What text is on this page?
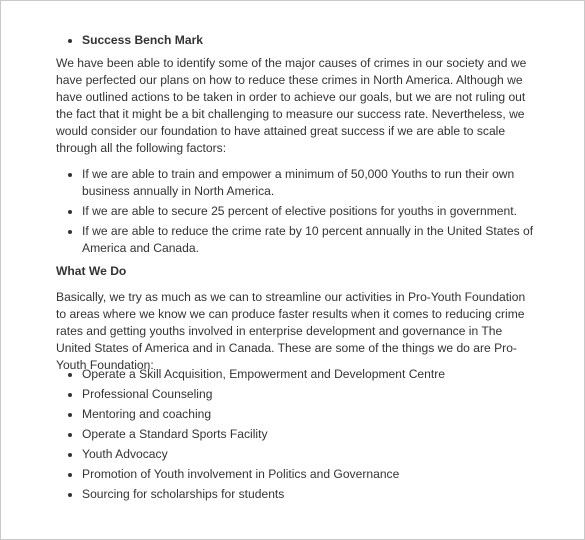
Success Bench Mark

We have been able to identify some of the major causes of crimes in our society and we have perfected our plans on how to reduce these crimes in North America. Although we have outlined actions to be taken in order to achieve our goals, but we are not ruling out the fact that it might be a bit challenging to measure our success rate. Nevertheless, we would consider our foundation to have attained great success if we are able to scale through all the following factors:

If we are able to train and empower a minimum of 50,000 Youths to run their own business annually in North America.
If we are able to secure 25 percent of elective positions for youths in government.
If we are able to reduce the crime rate by 10 percent annually in the United States of America and Canada.
What We Do

Basically, we try as much as we can to streamline our activities in Pro-Youth Foundation to areas where we know we can produce faster results when it comes to reducing crime rates and getting youths involved in enterprise development and governance in The United States of America and in Canada. These are some of the things we do are Pro-Youth Foundation:

Operate a Skill Acquisition, Empowerment and Development Centre
Professional Counseling
Mentoring and coaching
Operate a Standard Sports Facility
Youth Advocacy
Promotion of Youth involvement in Politics and Governance
Sourcing for scholarships for students
